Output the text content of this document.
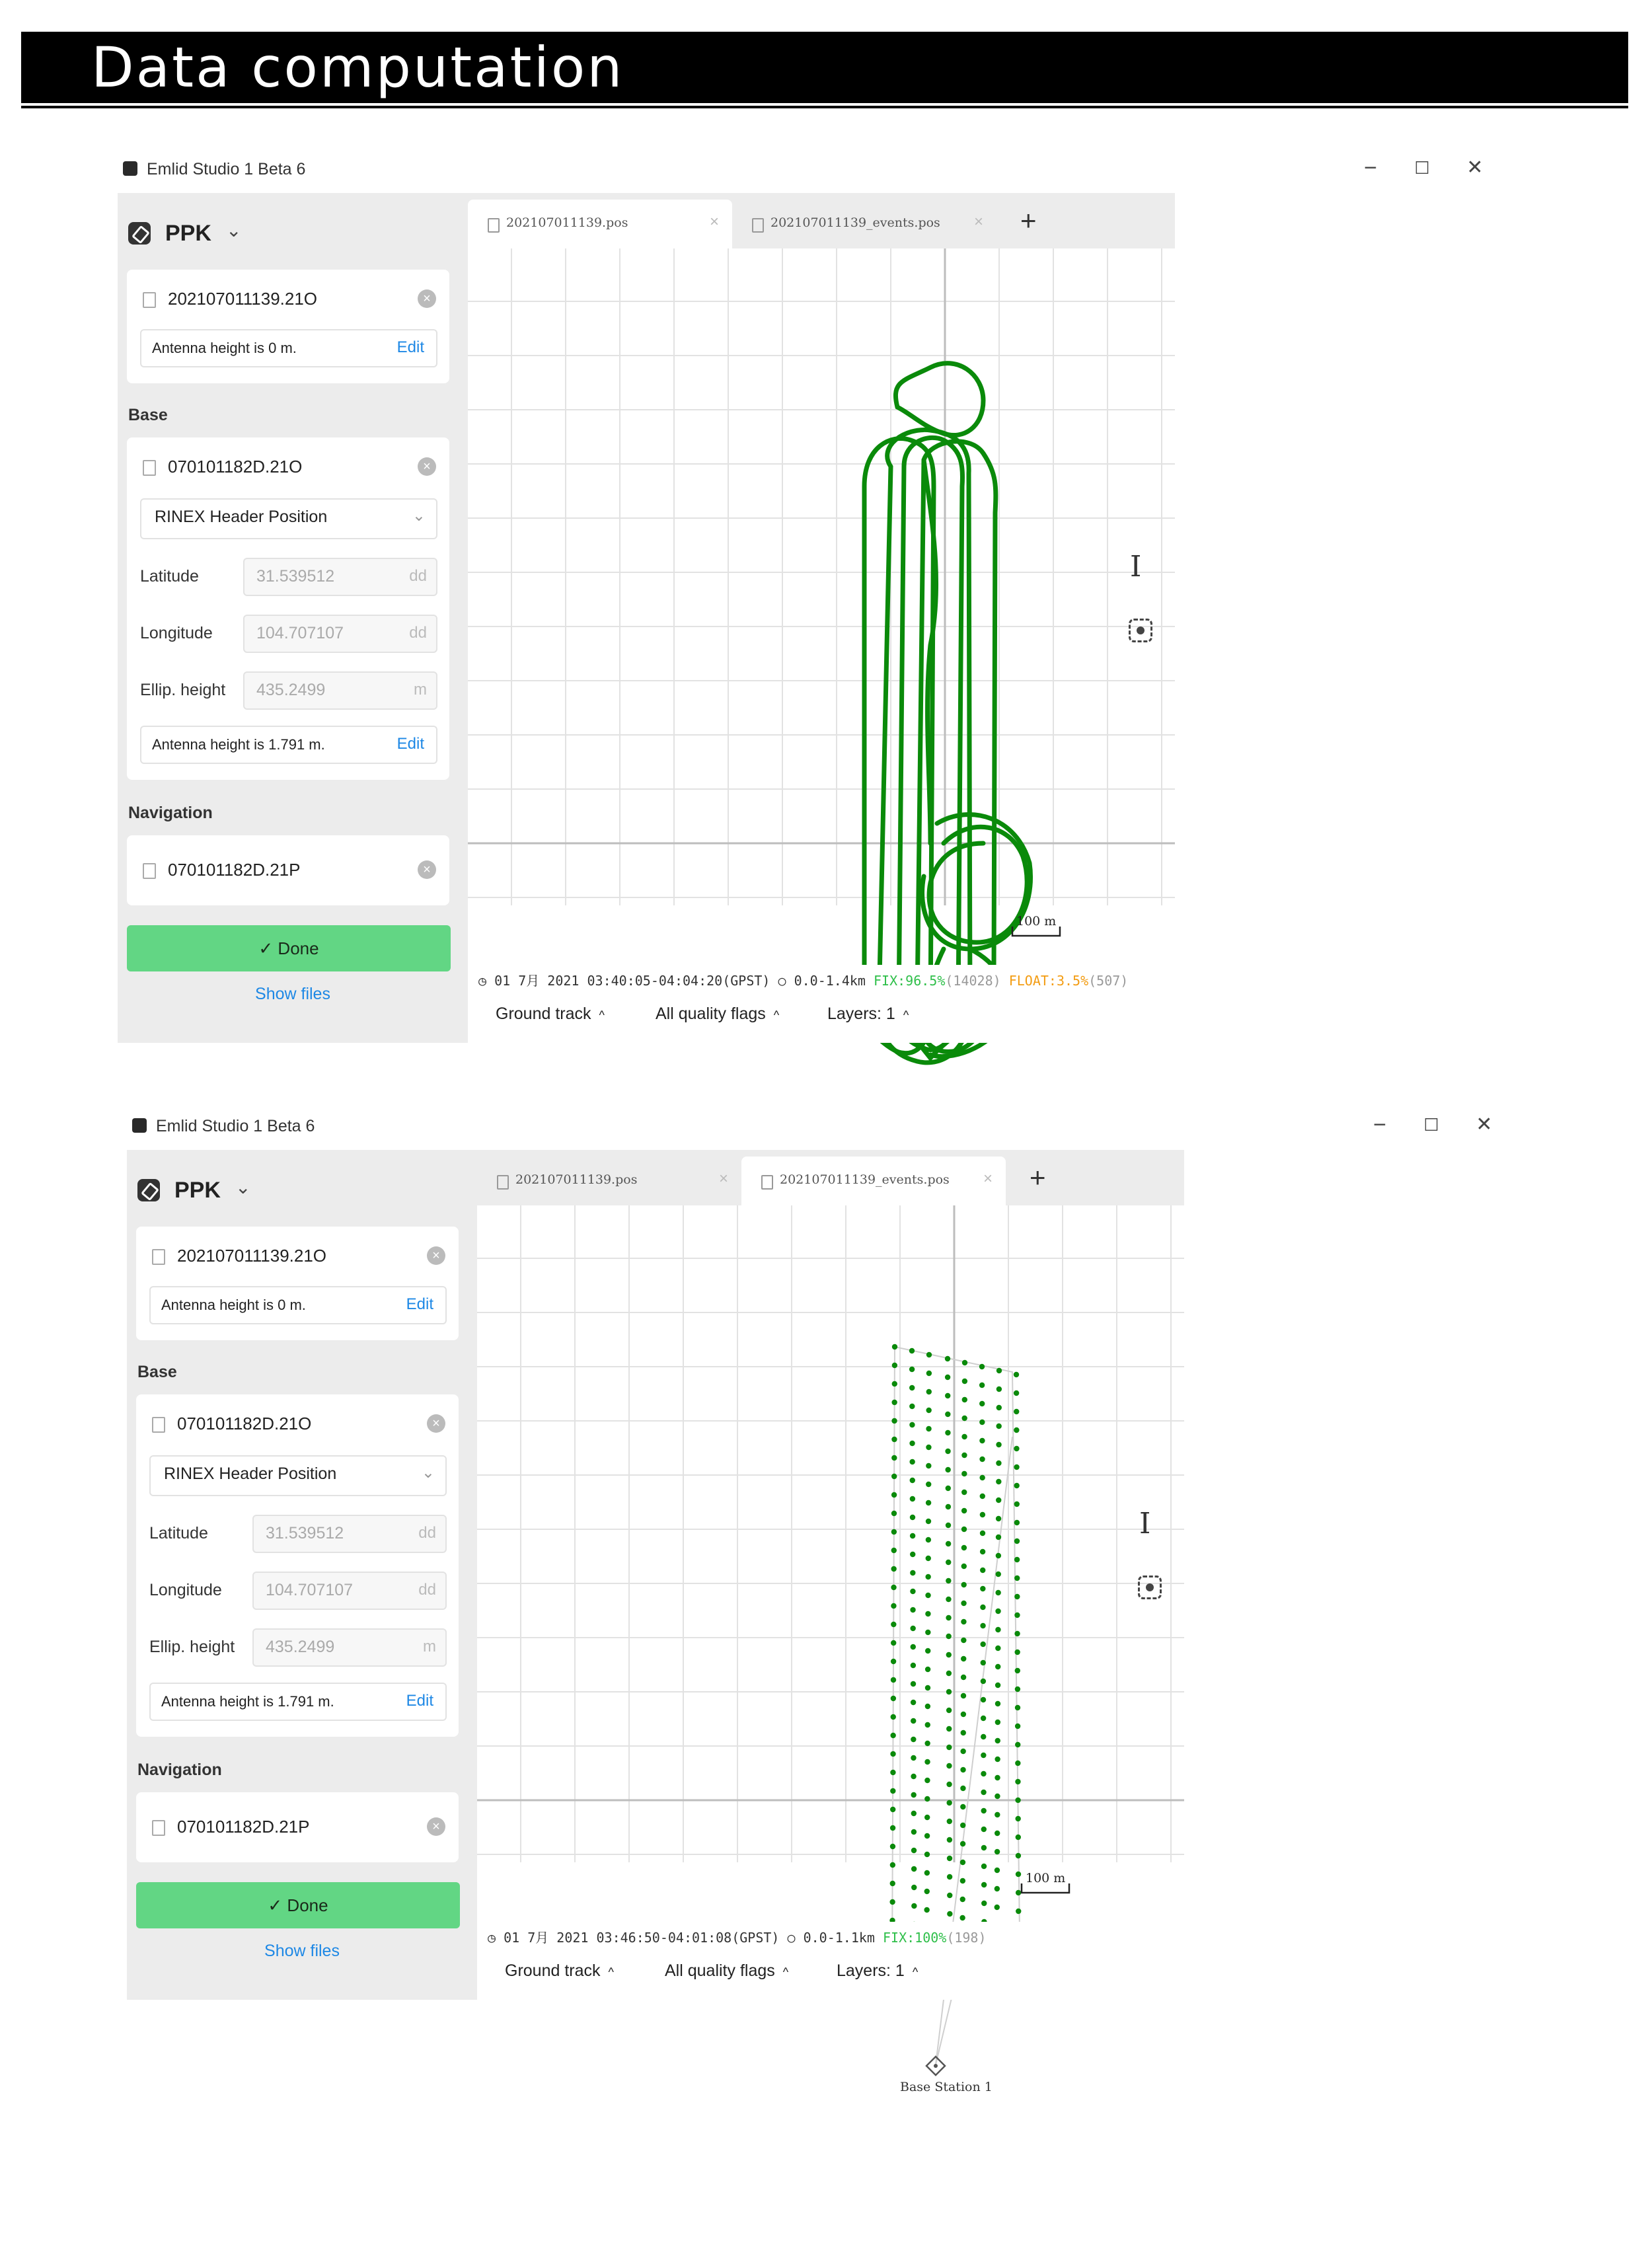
Data computation
Emlid Studio 1 Beta 6	−	☐	✕
PPK ⌄
202107011139.21O	×
Antenna height is 0 m.	Edit
Base
070101182D.21O	×
RINEX Header Position	⌄
Latitude	31.539512	dd
Longitude	104.707107	dd
Ellip. height 435.2499	m
Antenna height is 1.791 m.	Edit
Navigation
070101182D.21P	×
✓ Done
Show files
202107011139.pos	×	202107011139_events.pos × +
100 m
I
◷ 01 7月 2021 03:40:05-04:04:20(GPST) ○ 0.0-1.4km FIX:96.5%(14028) FLOAT:3.5%(507)
Ground track ^	All quality flags ^	Layers: 1 ^
Emlid Studio 1 Beta 6	−	☐	✕
PPK ⌄
202107011139.21O	×
Antenna height is 0 m.	Edit
Base
070101182D.21O	×
RINEX Header Position	⌄
Latitude	31.539512	dd
Longitude	104.707107	dd
Ellip. height 435.2499	m
Antenna height is 1.791 m.	Edit
Navigation
070101182D.21P	×
✓ Done
Show files
202107011139.pos	×	202107011139_events.pos × +
Base Station 1
100 m
I
◷ 01 7月 2021 03:46:50-04:01:08(GPST) ○ 0.0-1.1km FIX:100%(198)
Ground track ^	All quality flags ^	Layers: 1 ^
